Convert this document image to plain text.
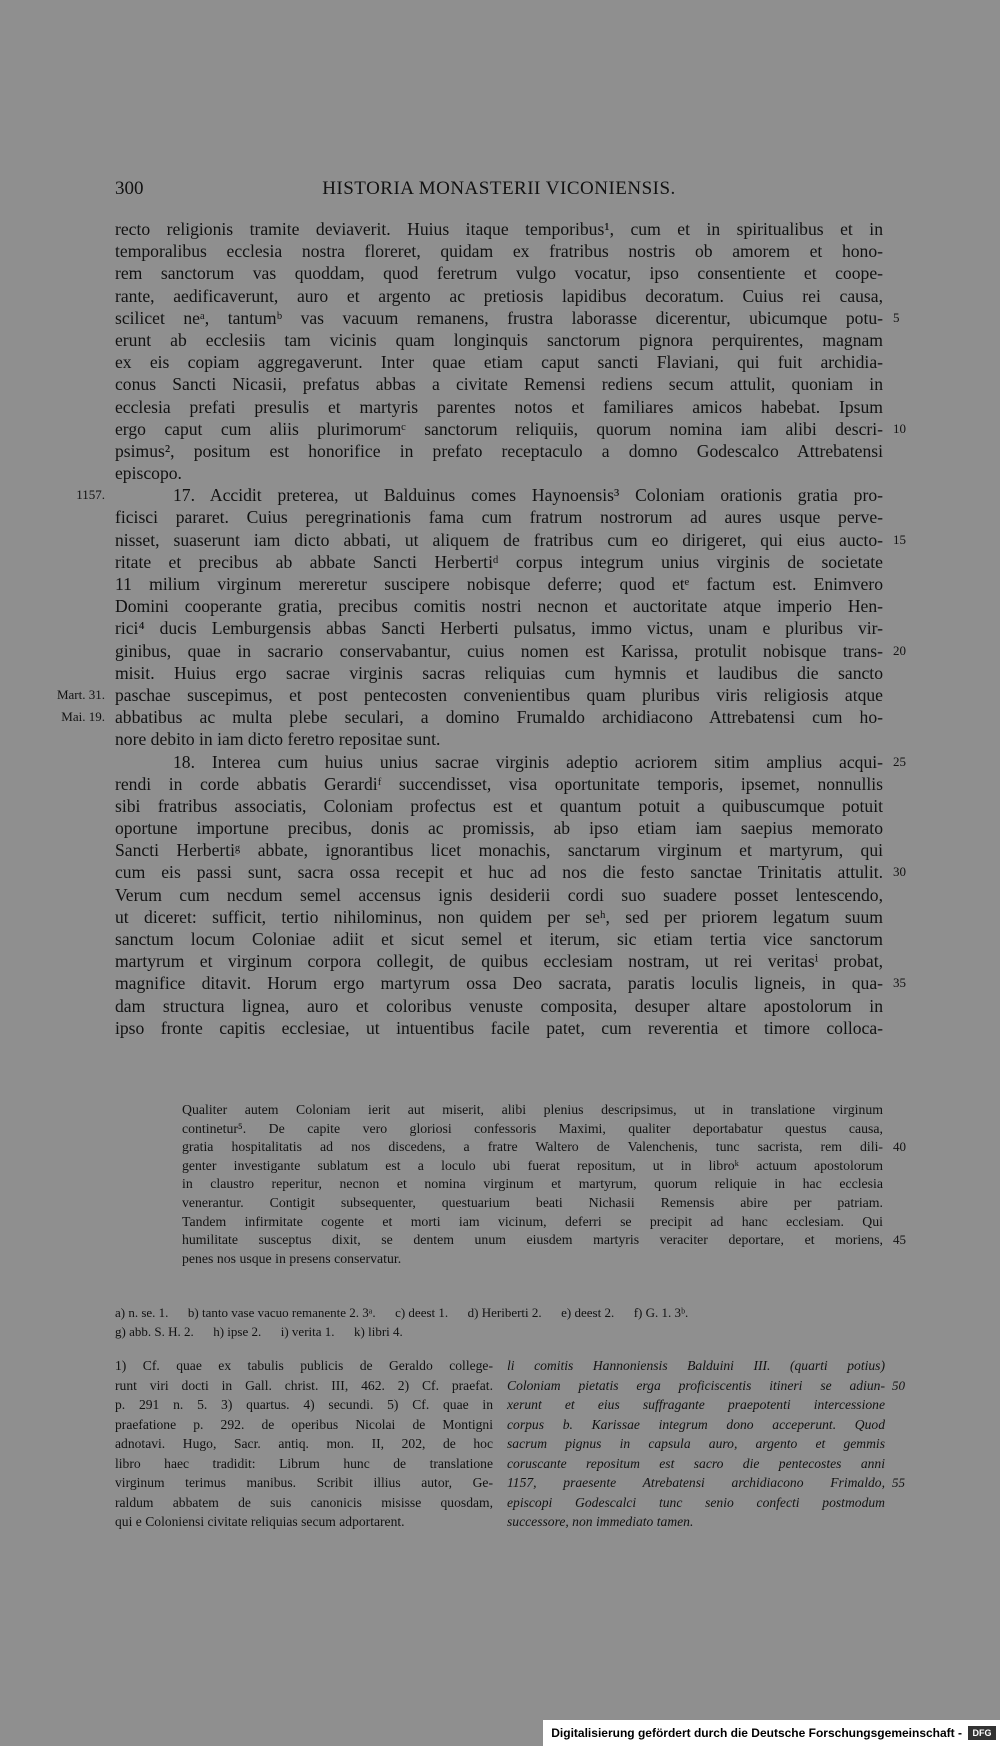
300	HISTORIA MONASTERII VICONIENSIS.
recto religionis tramite deviaverit. Huius itaque temporibus¹, cum et in spiritualibus et in
temporalibus ecclesia nostra floreret, quidam ex fratribus nostris ob amorem et hono-
rem sanctorum vas quoddam, quod feretrum vulgo vocatur, ipso consentiente et coope-
rante, aedificaverunt, auro et argento ac pretiosis lapidibus decoratum. Cuius rei causa,
scilicet neᵃ, tantumᵇ vas vacuum remanens, frustra laborasse dicerentur, ubicumque potu- 5
erunt ab ecclesiis tam vicinis quam longinquis sanctorum pignora perquirentes, magnam
ex eis copiam aggregaverunt. Inter quae etiam caput sancti Flaviani, qui fuit archidia-
conus Sancti Nicasii, prefatus abbas a civitate Remensi rediens secum attulit, quoniam in
ecclesia prefati presulis et martyris parentes notos et familiares amicos habebat. Ipsum
ergo caput cum aliis plurimorumᶜ sanctorum reliquiis, quorum nomina iam alibi descri- 10
psimus², positum est honorifice in prefato receptaculo a domno Godescalco Attrebatensi
episcopo.
17. Accidit preterea, ut Balduinus comes Haynoensis³ Coloniam orationis gratia pro-
1157.
ficisci pararet. Cuius peregrinationis fama cum fratrum nostrorum ad aures usque perve-
nisset, suaserunt iam dicto abbati, ut aliquem de fratribus cum eo dirigeret, qui eius aucto- 15
ritate et precibus ab abbate Sancti Herbertiᵈ corpus integrum unius virginis de societate
11 milium virginum mereretur suscipere nobisque deferre; quod etᵉ factum est. Enimvero
Domini cooperante gratia, precibus comitis nostri necnon et auctoritate atque imperio Hen-
rici⁴ ducis Lemburgensis abbas Sancti Herberti pulsatus, immo victus, unam e pluribus vir-
ginibus, quae in sacrario conservabantur, cuius nomen est Karissa, protulit nobisque trans- 20
misit. Huius ergo sacrae virginis sacras reliquias cum hymnis et laudibus die sancto
paschae suscepimus, et post pentecosten convenientibus quam pluribus viris religiosis atque
Mart. 31.
abbatibus ac multa plebe seculari, a domino Frumaldo archidiacono Attrebatensi cum ho-
Mai. 19.
nore debito in iam dicto feretro repositae sunt.
18. Interea cum huius unius sacrae virginis adeptio acriorem sitim amplius acqui- 25
rendi in corde abbatis Gerardiᶠ succendisset, visa oportunitate temporis, ipsemet, nonnullis
sibi fratribus associatis, Coloniam profectus est et quantum potuit a quibuscumque potuit
oportune importune precibus, donis ac promissis, ab ipso etiam iam saepius memorato
Sancti Herbertiᵍ abbate, ignorantibus licet monachis, sanctarum virginum et martyrum, qui
cum eis passi sunt, sacra ossa recepit et huc ad nos die festo sanctae Trinitatis attulit. 30
Verum cum necdum semel accensus ignis desiderii cordi suo suadere posset lentescendo,
ut diceret: sufficit, tertio nihilominus, non quidem per seʰ, sed per priorem legatum suum
sanctum locum Coloniae adiit et sicut semel et iterum, sic etiam tertia vice sanctorum
martyrum et virginum corpora collegit, de quibus ecclesiam nostram, ut rei veritasⁱ probat,
magnifice ditavit. Horum ergo martyrum ossa Deo sacrata, paratis loculis ligneis, in qua- 35
dam structura lignea, auro et coloribus venuste composita, desuper altare apostolorum in
ipso fronte capitis ecclesiae, ut intuentibus facile patet, cum reverentia et timore colloca-
Qualiter autem Coloniam ierit aut miserit, alibi plenius descripsimus, ut in translatione virginum
continetur⁵. De capite vero gloriosi confessoris Maximi, qualiter deportabatur questus causa,
gratia hospitalitatis ad nos discedens, a fratre Waltero de Valenchenis, tunc sacrista, rem dili- 40
genter investigante sublatum est a loculo ubi fuerat repositum, ut in libroᵏ actuum apostolorum
in claustro reperitur, necnon et nomina virginum et martyrum, quorum reliquie in hac ecclesia
venerantur. Contigit subsequenter, questuarium beati Nichasii Remensis abire per patriam.
Tandem infirmitate cogente et morti iam vicinum, deferri se precipit ad hanc ecclesiam. Qui
humilitate susceptus dixit, se dentem unum eiusdem martyris veraciter deportare, et moriens, 45
penes nos usque in presens conservatur.
a) n. se. 1.      b) tanto vase vacuo remanente 2. 3ᵃ.      c) deest 1.      d) Heriberti 2.      e) deest 2.      f) G. 1. 3ᵇ.
g) abb. S. H. 2.      h) ipse 2.      i) verita 1.      k) libri 4.
1) Cf. quae ex tabulis publicis de Geraldo college-
runt viri docti in Gall. christ. III, 462. 2) Cf. praefat.
p. 291 n. 5. 3) quartus. 4) secundi. 5) Cf. quae in
praefatione p. 292. de operibus Nicolai de Montigni
adnotavi. Hugo, Sacr. antiq. mon. II, 202, de hoc
libro haec tradidit: Librum hunc de translatione
virginum terimus manibus. Scribit illius autor, Ge-
raldum abbatem de suis canonicis misisse quosdam,
qui e Coloniensi civitate reliquias secum adportarent.
li comitis Hannoniensis Balduini III. (quarti potius)
Coloniam pietatis erga proficiscentis itineri se adiun- 50
xerunt et eius suffragante praepotenti intercessione
corpus b. Karissae integrum dono acceperunt. Quod
sacrum pignus in capsula auro, argento et gemmis
coruscante repositum est sacro die pentecostes anni
1157, praesente Atrebatensi archidiacono Frimaldo, 55
episcopi Godescalci tunc senio confecti postmodum
successore, non immediato tamen.
Digitalisierung gefördert durch die Deutsche Forschungsgemeinschaft -	DFG
